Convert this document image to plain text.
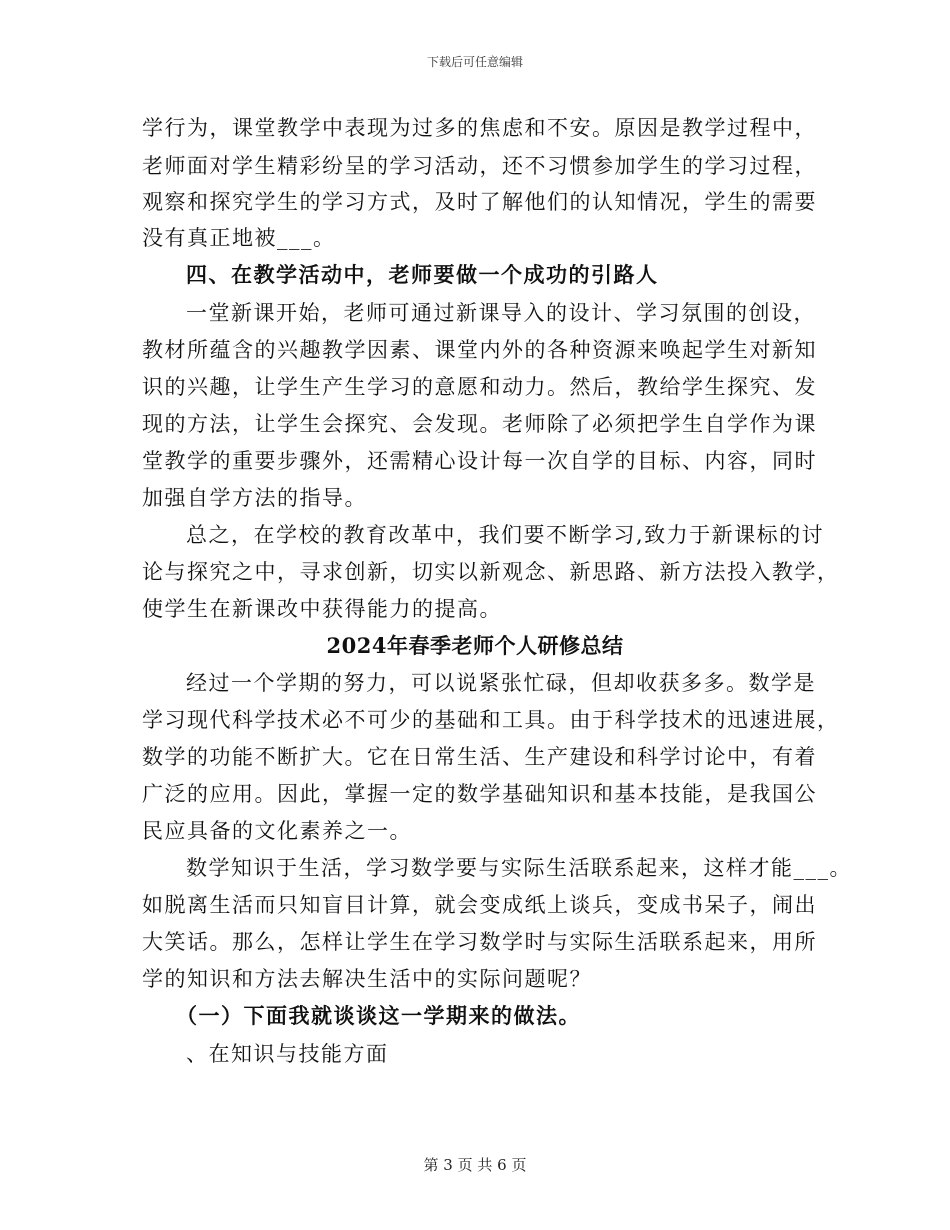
下载后可任意编辑
学行为，课堂教学中表现为过多的焦虑和不安。原因是教学过程中，
老师面对学生精彩纷呈的学习活动，还不习惯参加学生的学习过程，
观察和探究学生的学习方式，及时了解他们的认知情况，学生的需要
没有真正地被___。
四、在教学活动中，老师要做一个成功的引路人
一堂新课开始，老师可通过新课导入的设计、学习氛围的创设，
教材所蕴含的兴趣教学因素、课堂内外的各种资源来唤起学生对新知
识的兴趣，让学生产生学习的意愿和动力。然后，教给学生探究、发
现的方法，让学生会探究、会发现。老师除了必须把学生自学作为课
堂教学的重要步骤外，还需精心设计每一次自学的目标、内容，同时
加强自学方法的指导。
总之，在学校的教育改革中，我们要不断学习,致力于新课标的讨
论与探究之中，寻求创新，切实以新观念、新思路、新方法投入教学，
使学生在新课改中获得能力的提高。
2024年春季老师个人研修总结
经过一个学期的努力，可以说紧张忙碌，但却收获多多。数学是
学习现代科学技术必不可少的基础和工具。由于科学技术的迅速进展，
数学的功能不断扩大。它在日常生活、生产建设和科学讨论中，有着
广泛的应用。因此，掌握一定的数学基础知识和基本技能，是我国公
民应具备的文化素养之一。
数学知识于生活，学习数学要与实际生活联系起来，这样才能___。
如脱离生活而只知盲目计算，就会变成纸上谈兵，变成书呆子，闹出
大笑话。那么，怎样让学生在学习数学时与实际生活联系起来，用所
学的知识和方法去解决生活中的实际问题呢？
（一）下面我就谈谈这一学期来的做法。
、在知识与技能方面
第 3 页 共 6 页
